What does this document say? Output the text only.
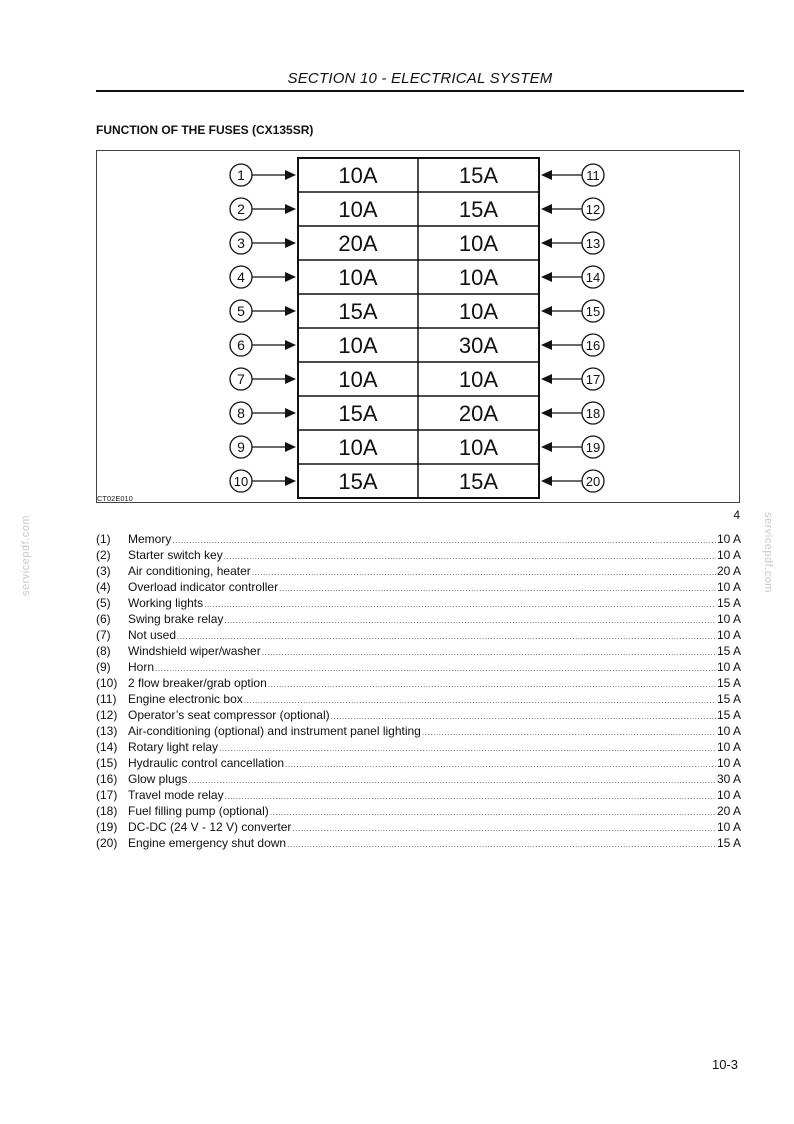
SECTION 10 - ELECTRICAL SYSTEM
FUNCTION OF THE FUSES (CX135SR)
10A	15A
1	11
10A	15A
2	12
20A	10A
3	13
10A	10A
4	14
15A	10A
5	15
10A	30A
6	16
10A	10A
7	17
15A	20A
8	18
10A	10A
9	19
15A	15A
10	20
CT02E010
4
servicepdf.com	servicepdf.com
(1)	Memory .....	10 A
(2)	Starter switch key .....	10 A
(3)	Air conditioning, heater .....	20 A
(4)	Overload indicator controller .....	10 A
(5)	Working lights .....	15 A
(6)	Swing brake relay .....	10 A
(7)	Not used .....	10 A
(8)	Windshield wiper/washer .....	15 A
(9)	Horn .....	10 A
(10) 2 flow breaker/grab option .....	15 A
(11) Engine electronic box .....	15 A
(12) Operator’s seat compressor (optional) .....	15 A
(13) Air-conditioning (optional) and instrument panel lighting .....	10 A
(14) Rotary light relay .....	10 A
(15) Hydraulic control cancellation .....	10 A
(16) Glow plugs .....	30 A
(17) Travel mode relay .....	10 A
(18) Fuel filling pump (optional) .....	20 A
(19) DC-DC (24 V - 12 V) converter .....	10 A
(20) Engine emergency shut down .....	15 A
10-3
